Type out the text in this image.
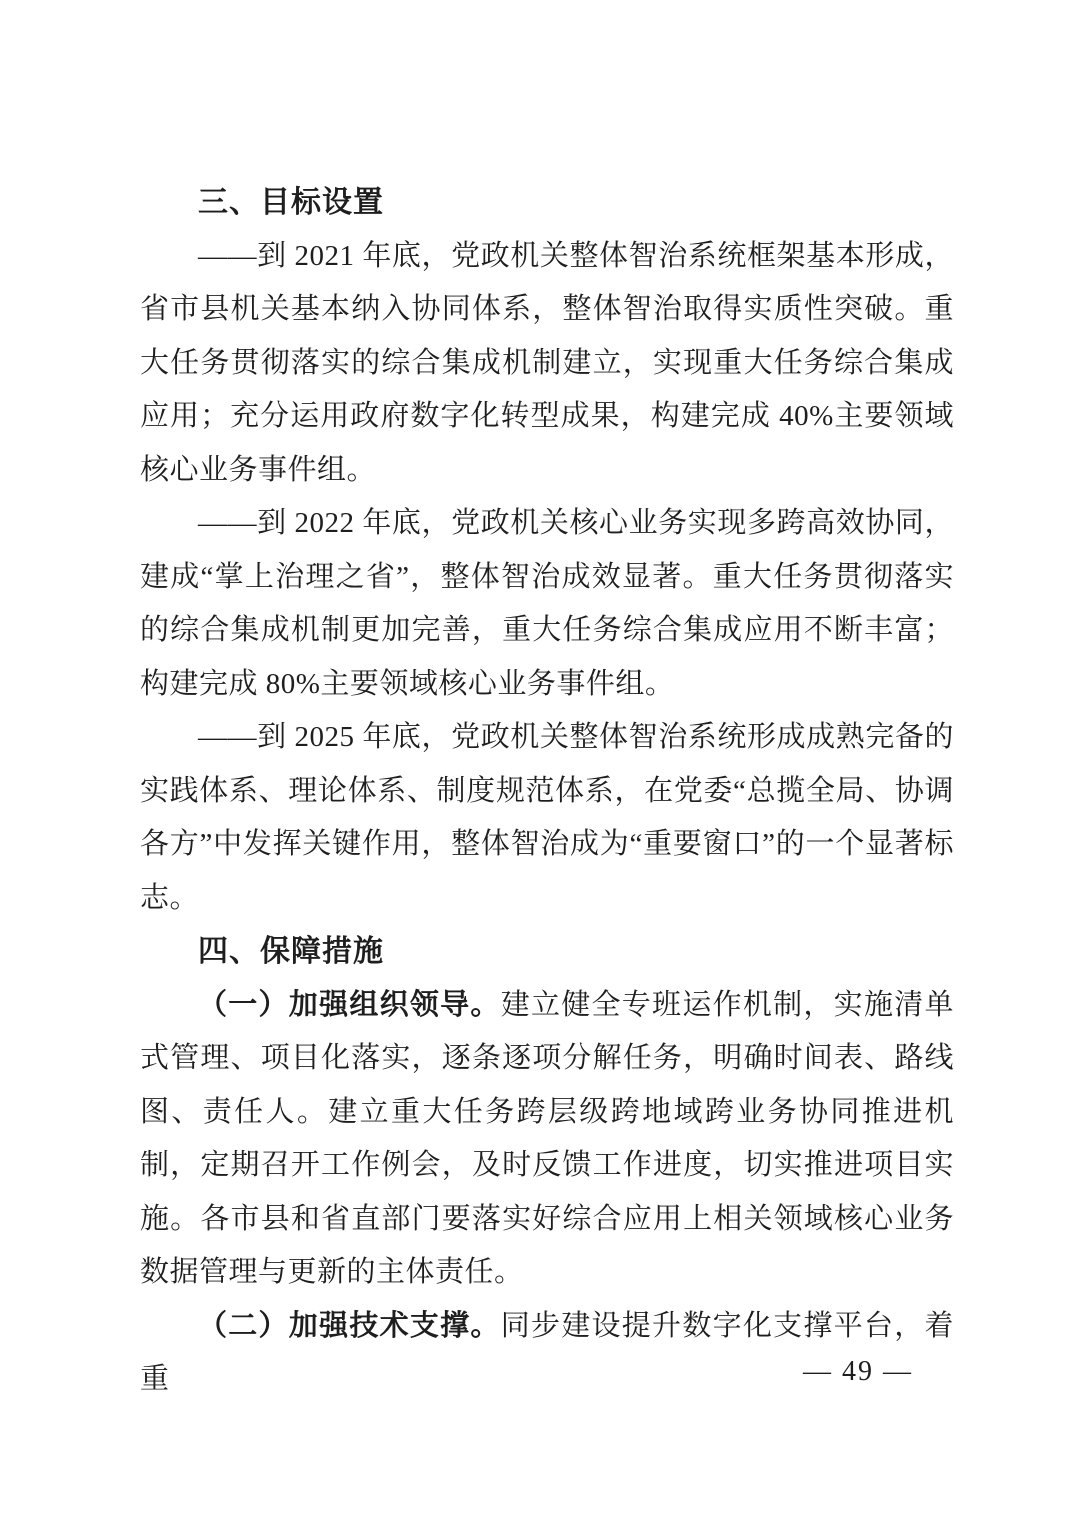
三、目标设置

——到 2021 年底，党政机关整体智治系统框架基本形成，省市县机关基本纳入协同体系，整体智治取得实质性突破。重大任务贯彻落实的综合集成机制建立，实现重大任务综合集成应用；充分运用政府数字化转型成果，构建完成 40%主要领域核心业务事件组。

——到 2022 年底，党政机关核心业务实现多跨高效协同，建成“掌上治理之省”，整体智治成效显著。重大任务贯彻落实的综合集成机制更加完善，重大任务综合集成应用不断丰富；构建完成 80%主要领域核心业务事件组。

——到 2025 年底，党政机关整体智治系统形成成熟完备的实践体系、理论体系、制度规范体系，在党委“总揽全局、协调各方”中发挥关键作用，整体智治成为“重要窗口”的一个显著标志。

四、保障措施

（一）加强组织领导。建立健全专班运作机制，实施清单式管理、项目化落实，逐条逐项分解任务，明确时间表、路线图、责任人。建立重大任务跨层级跨地域跨业务协同推进机制，定期召开工作例会，及时反馈工作进度，切实推进项目实施。各市县和省直部门要落实好综合应用上相关领域核心业务数据管理与更新的主体责任。

（二）加强技术支撑。同步建设提升数字化支撑平台，着重	— 49 —
